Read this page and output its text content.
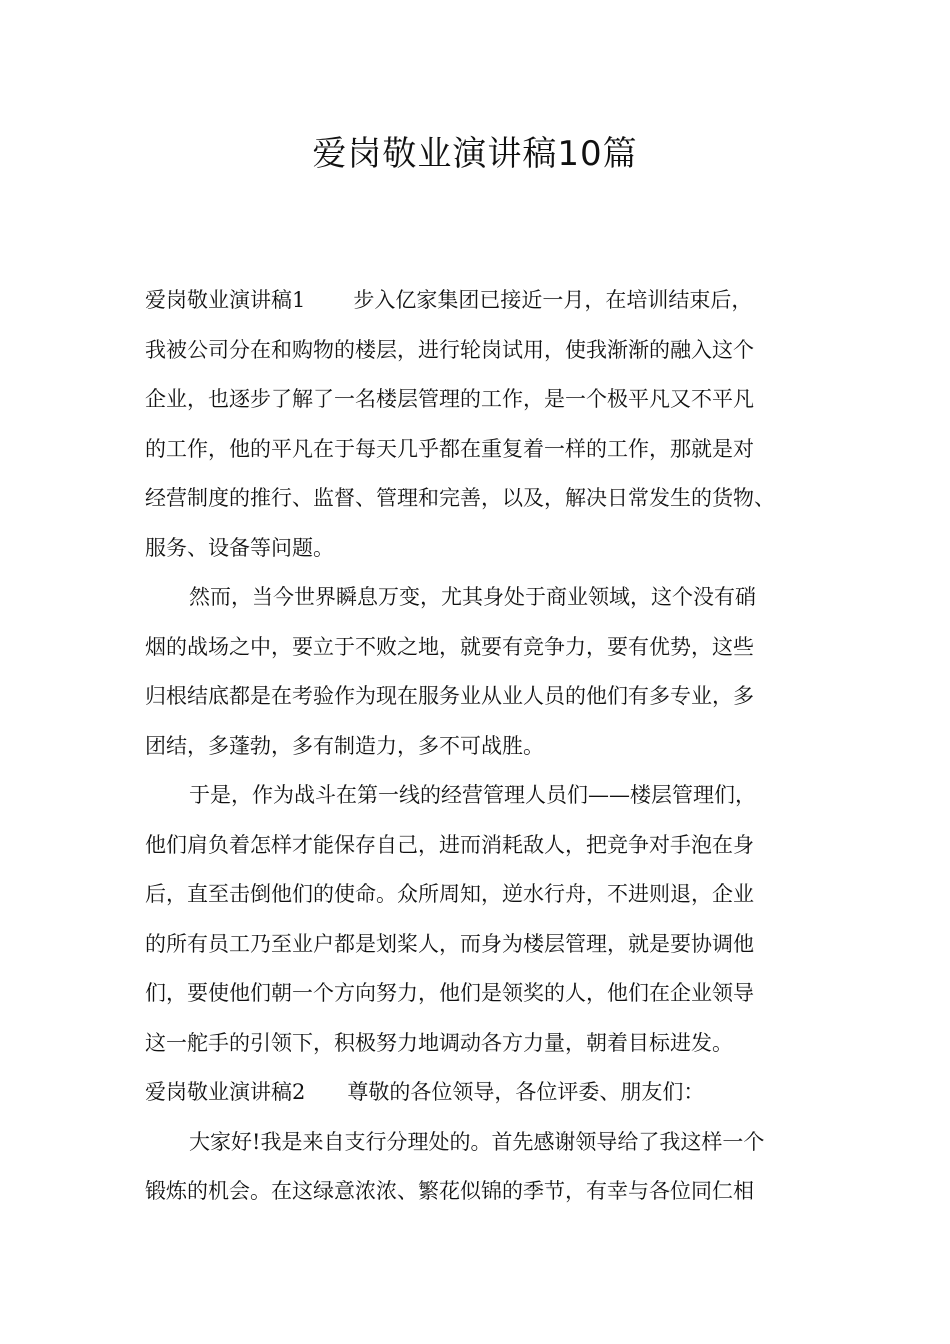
爱岗敬业演讲稿10篇
爱岗敬业演讲稿1 步入亿家集团已接近一月，在培训结束后，
我被公司分在和购物的楼层，进行轮岗试用，使我渐渐的融入这个
企业，也逐步了解了一名楼层管理的工作，是一个极平凡又不平凡
的工作，他的平凡在于每天几乎都在重复着一样的工作，那就是对
经营制度的推行、监督、管理和完善，以及，解决日常发生的货物、
服务、设备等问题。
然而，当今世界瞬息万变，尤其身处于商业领域，这个没有硝
烟的战场之中，要立于不败之地，就要有竞争力，要有优势，这些
归根结底都是在考验作为现在服务业从业人员的他们有多专业，多
团结，多蓬勃，多有制造力，多不可战胜。
于是，作为战斗在第一线的经营管理人员们——楼层管理们，
他们肩负着怎样才能保存自己，进而消耗敌人，把竞争对手泡在身
后，直至击倒他们的使命。众所周知，逆水行舟，不进则退，企业
的所有员工乃至业户都是划桨人，而身为楼层管理，就是要协调他
们，要使他们朝一个方向努力，他们是领奖的人，他们在企业领导
这一舵手的引领下，积极努力地调动各方力量，朝着目标进发。
爱岗敬业演讲稿2 尊敬的各位领导，各位评委、朋友们：
大家好!我是来自支行分理处的。首先感谢领导给了我这样一个
锻炼的机会。在这绿意浓浓、繁花似锦的季节，有幸与各位同仁相
